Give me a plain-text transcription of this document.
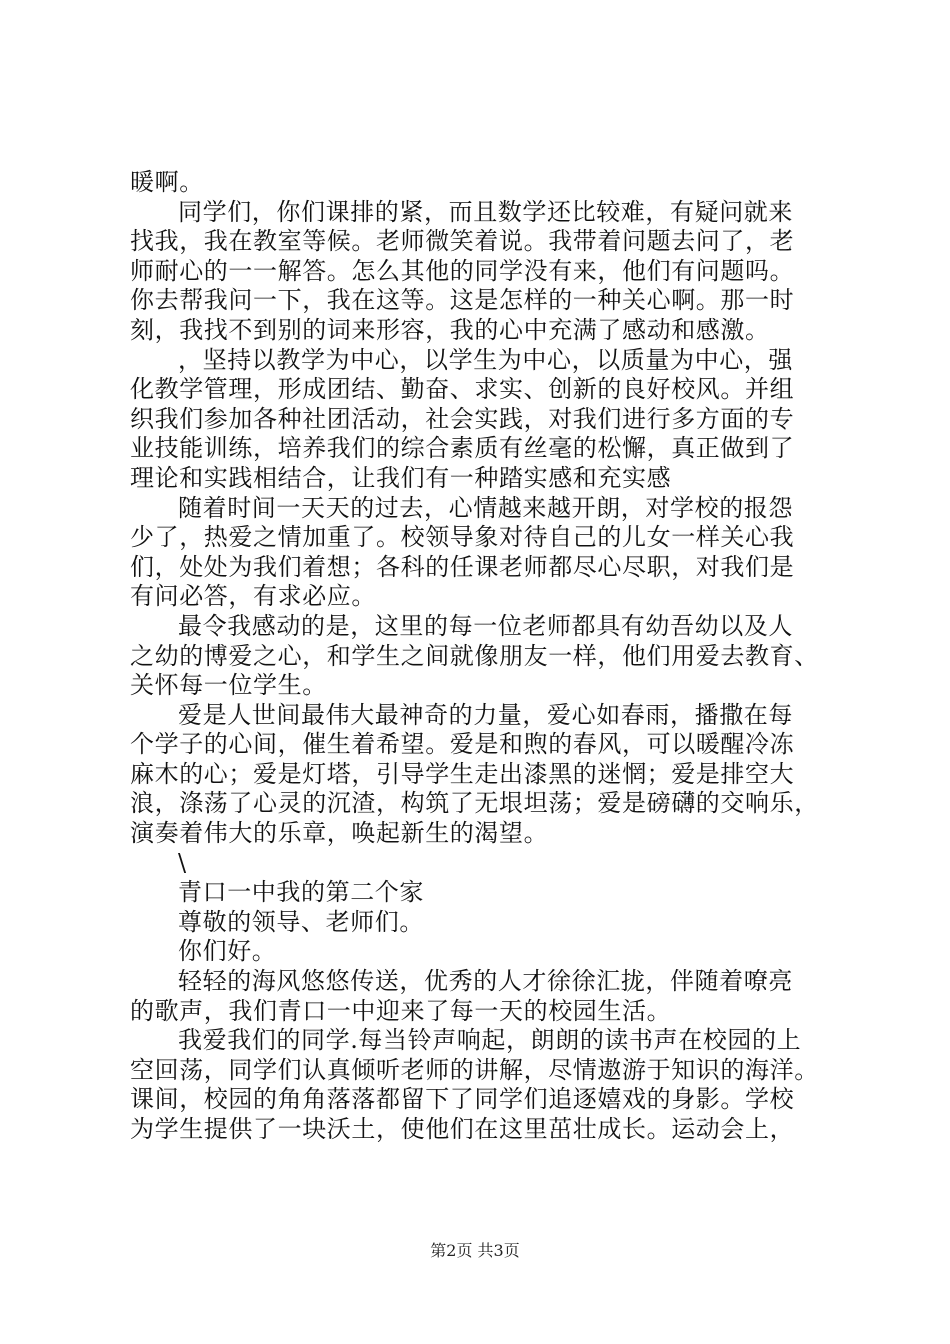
暖啊。
同学们，你们课排的紧，而且数学还比较难，有疑问就来
找我，我在教室等候。老师微笑着说。我带着问题去问了，老
师耐心的一一解答。怎么其他的同学没有来，他们有问题吗。
你去帮我问一下，我在这等。这是怎样的一种关心啊。那一时
刻，我找不到别的词来形容，我的心中充满了感动和感激。
，坚持以教学为中心，以学生为中心，以质量为中心，强
化教学管理，形成团结、勤奋、求实、创新的良好校风。并组
织我们参加各种社团活动，社会实践，对我们进行多方面的专
业技能训练，培养我们的综合素质有丝毫的松懈，真正做到了
理论和实践相结合，让我们有一种踏实感和充实感
随着时间一天天的过去，心情越来越开朗，对学校的报怨
少了，热爱之情加重了。校领导象对待自己的儿女一样关心我
们，处处为我们着想；各科的任课老师都尽心尽职，对我们是
有问必答，有求必应。
最令我感动的是，这里的每一位老师都具有幼吾幼以及人
之幼的博爱之心，和学生之间就像朋友一样，他们用爱去教育、
关怀每一位学生。
爱是人世间最伟大最神奇的力量，爱心如春雨，播撒在每
个学子的心间，催生着希望。爱是和煦的春风，可以暖醒冷冻
麻木的心；爱是灯塔，引导学生走出漆黑的迷惘；爱是排空大
浪，涤荡了心灵的沉渣，构筑了无垠坦荡；爱是磅礴的交响乐，
演奏着伟大的乐章，唤起新生的渴望。
\
青口一中我的第二个家
尊敬的领导、老师们。
你们好。
轻轻的海风悠悠传送，优秀的人才徐徐汇拢，伴随着嘹亮
的歌声，我们青口一中迎来了每一天的校园生活。
我爱我们的同学.每当铃声响起，朗朗的读书声在校园的上
空回荡，同学们认真倾听老师的讲解，尽情遨游于知识的海洋。
课间，校园的角角落落都留下了同学们追逐嬉戏的身影。学校
为学生提供了一块沃土，使他们在这里茁壮成长。运动会上，
第2页 共3页
